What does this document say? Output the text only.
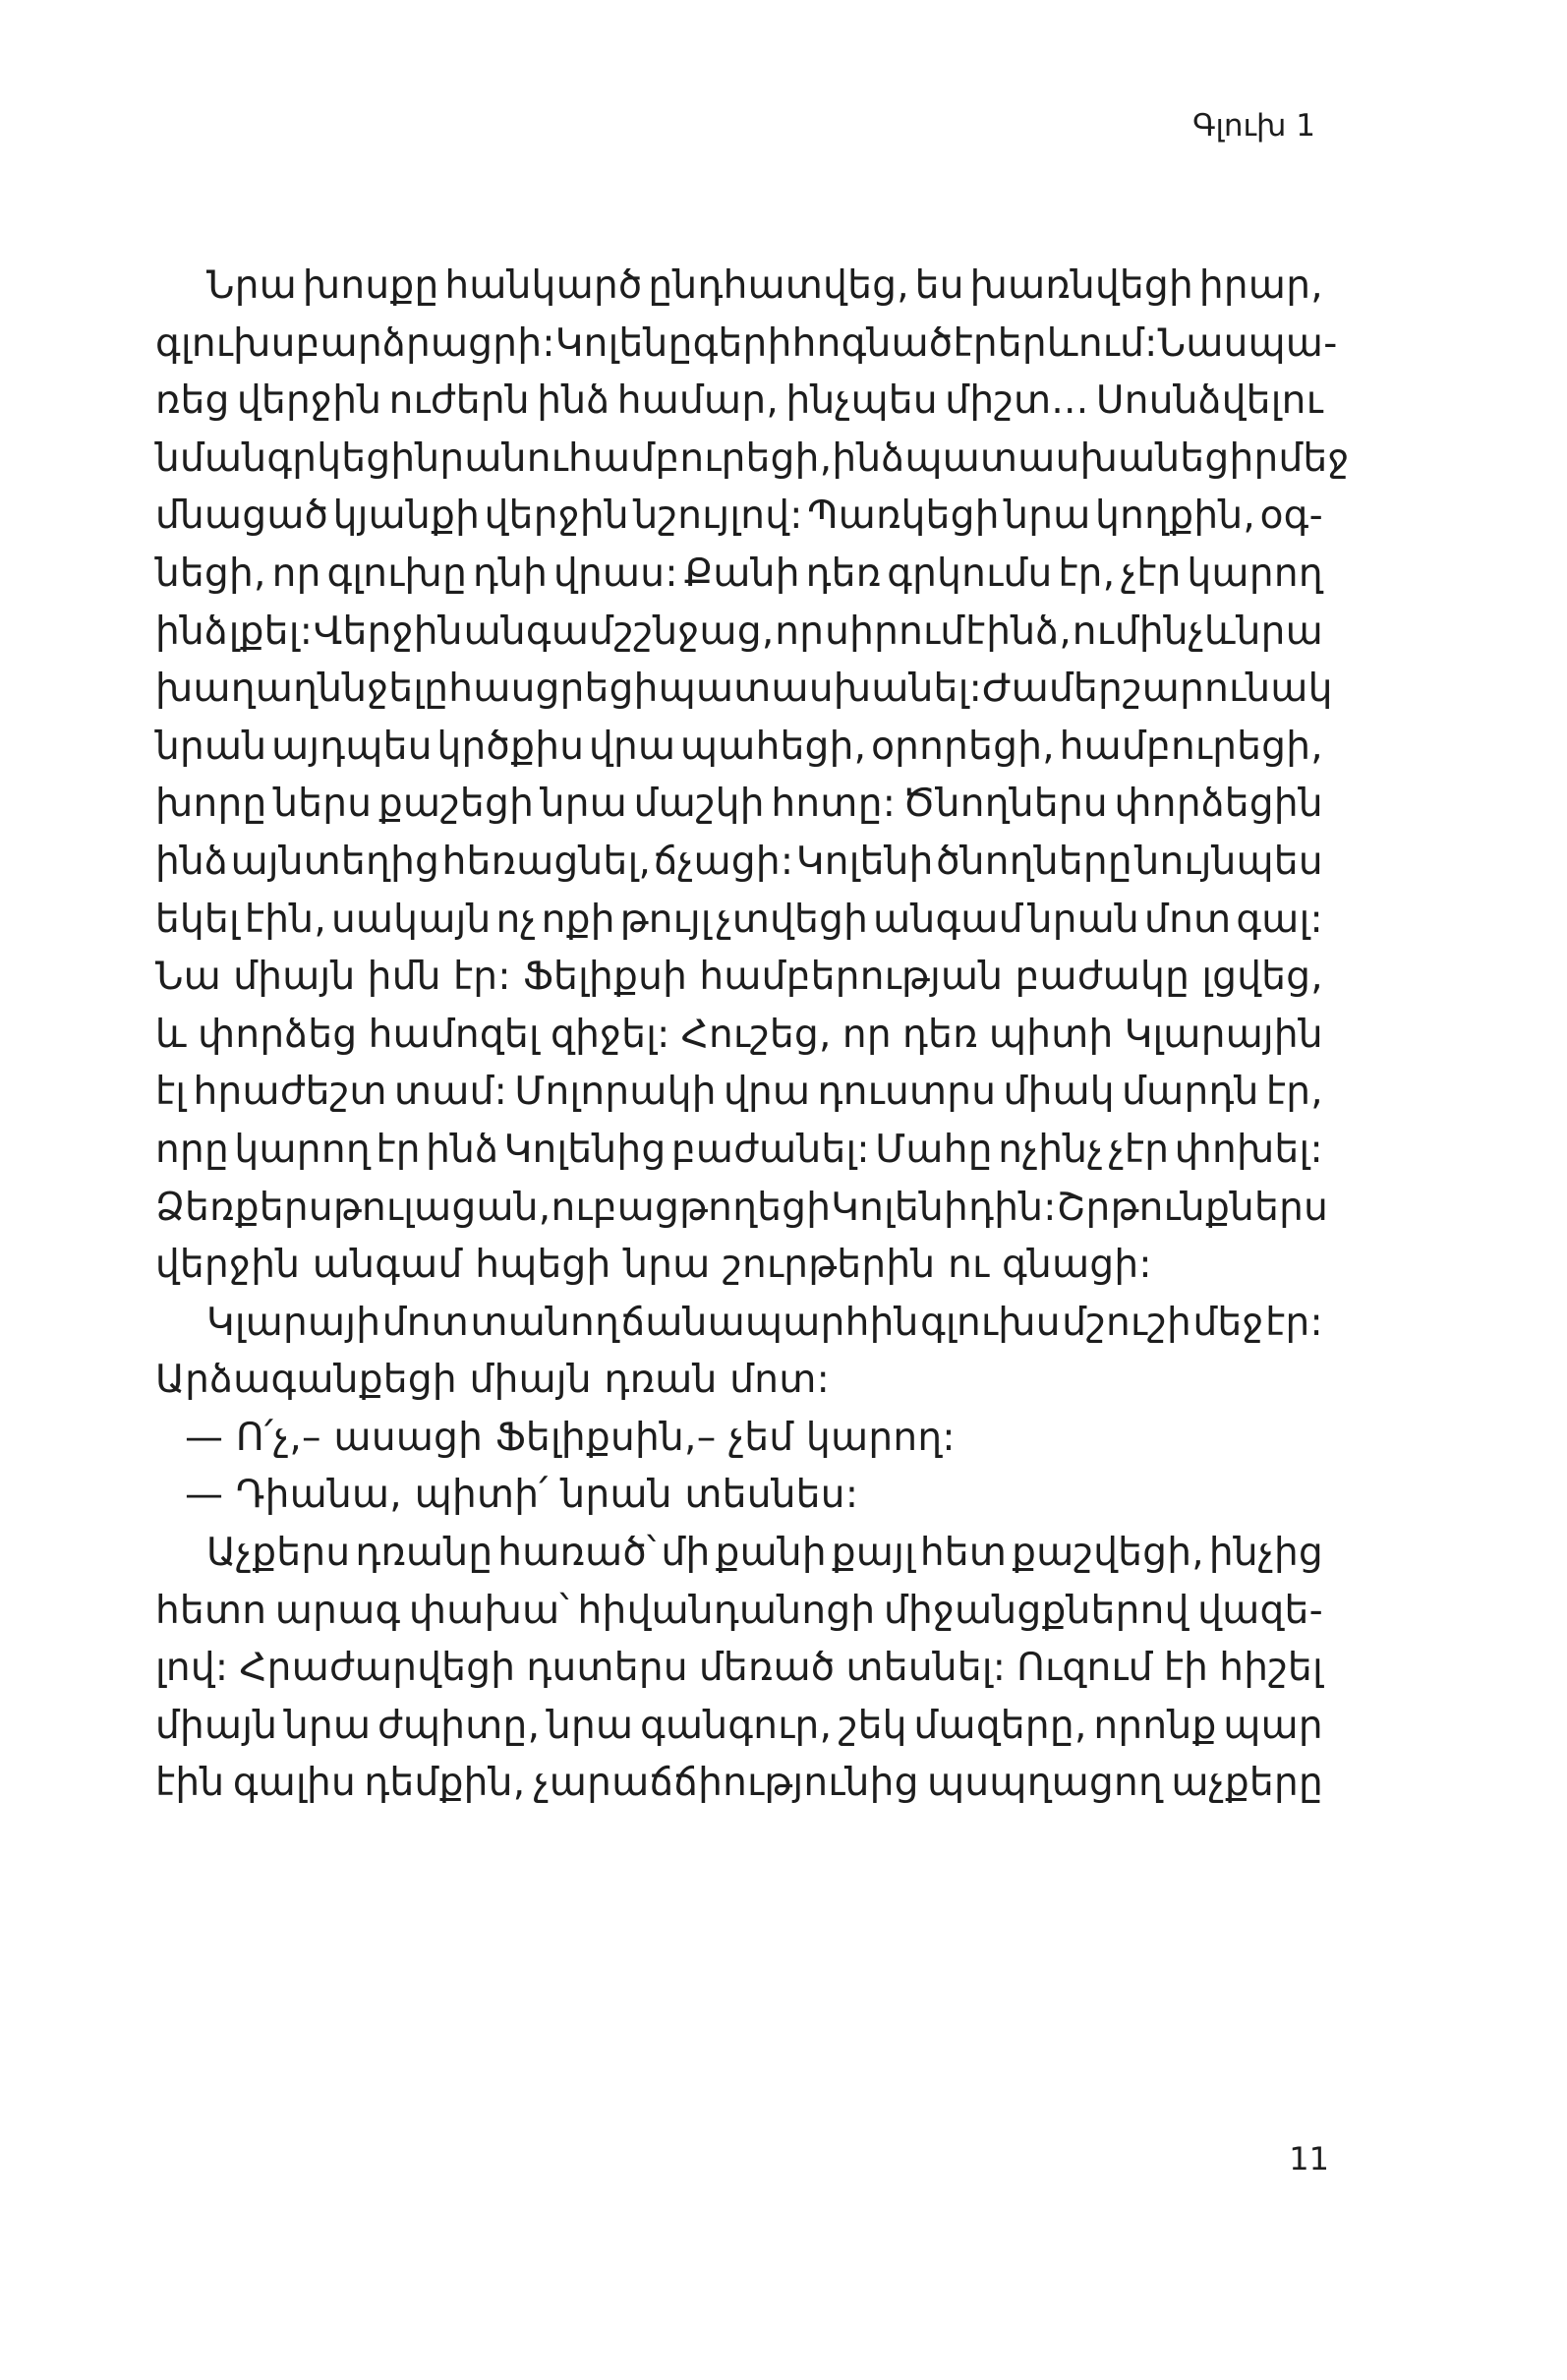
Գլուխ 1
Նրա խոսքը հանկարծ ընդհատվեց, ես խառնվեցի իրար,
գլուխս բարձրացրի: Կոլենը գերիհոգնած էր երևում: Նա սպա-
ռեց վերջին ուժերն ինձ համար, ինչպես միշտ... Սոսնձվելու
նման գրկեցի նրան ու համբուրեցի, ինձ պատասխանեց իր մեջ
մնացած կյանքի վերջին նշույլով: Պառկեցի նրա կողքին, օգ-
նեցի, որ գլուխը դնի վրաս: Քանի դեռ գրկումս էր, չէր կարող
ինձ լքել: Վերջին անգամ շշնջաց, որ սիրում է ինձ, ու մինչև նրա
խաղաղ ննջելը հասցրեցի պատասխանել: Ժամեր շարունակ
նրան այդպես կրծքիս վրա պահեցի, օրորեցի, համբուրեցի,
խորը ներս քաշեցի նրա մաշկի հոտը: Ծնողներս փորձեցին
ինձ այնտեղից հեռացնել, ճչացի: Կոլենի ծնողները նույնպես
եկել էին, սակայն ոչ ոքի թույլ չտվեցի անգամ նրան մոտ գալ:
Նա միայն իմն էր: Ֆելիքսի համբերության բաժակը լցվեց,
և փորձեց համոզել զիջել: Հուշեց, որ դեռ պիտի Կլարային
էլ հրաժեշտ տամ: Մոլորակի վրա դուստրս միակ մարդն էր,
որը կարող էր ինձ Կոլենից բաժանել: Մահը ոչինչ չէր փոխել:
Ձեռքերս թուլացան, ու բաց թողեցի Կոլենի դին: Շրթունքներս
վերջին անգամ հպեցի նրա շուրթերին ու գնացի:
Կլարայի մոտ տանող ճանապարհին գլուխս մշուշի մեջ էր:
Արձագանքեցի միայն դռան մոտ:
— Ո՛չ,– ասացի Ֆելիքսին,– չեմ կարող:
— Դիանա, պիտի՛ նրան տեսնես:
Աչքերս դռանը հառած՝ մի քանի քայլ հետ քաշվեցի, ինչից
հետո արագ փախա՝ հիվանդանոցի միջանցքներով վազե-
լով: Հրաժարվեցի դստերս մեռած տեսնել: Ուզում էի հիշել
միայն նրա ժպիտը, նրա գանգուր, շեկ մազերը, որոնք պար
էին գալիս դեմքին, չարաճճիությունից պսպղացող աչքերը
11
